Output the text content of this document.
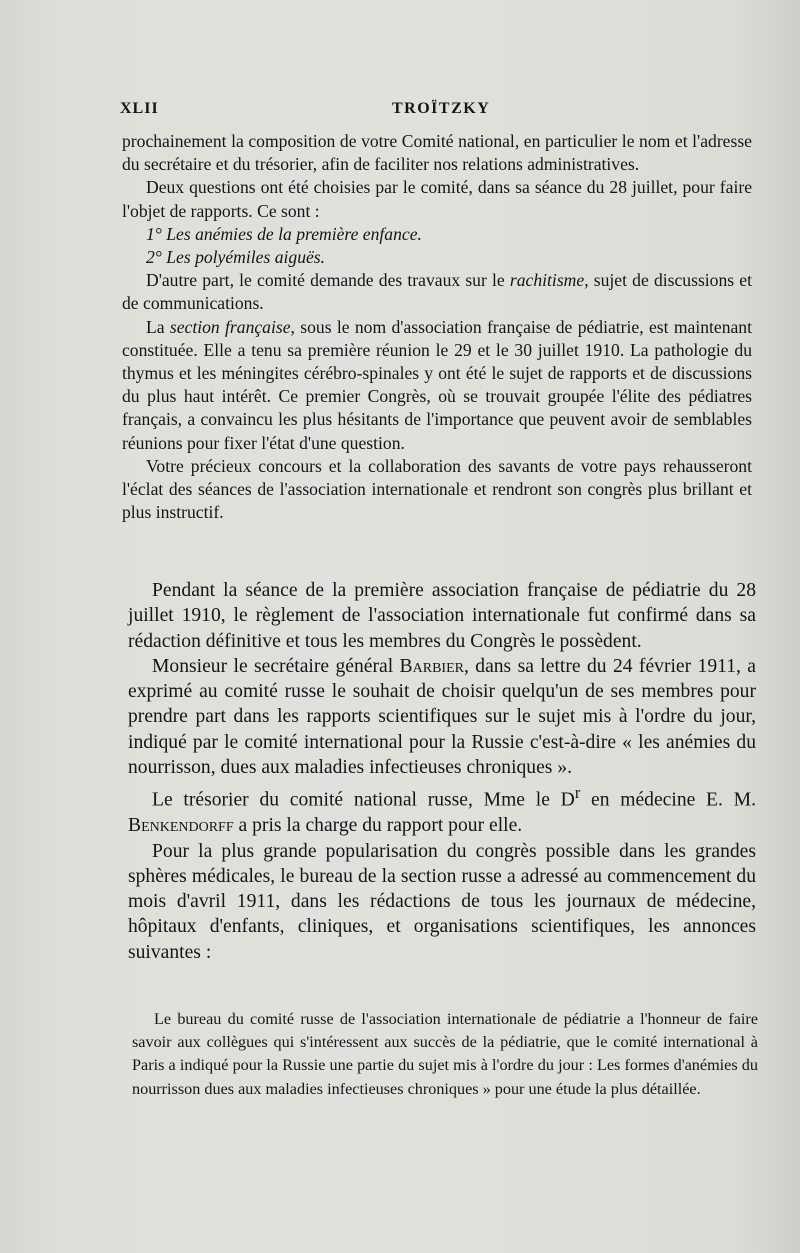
XLII	TROÏTZKY

prochainement la composition de votre Comité national, en particulier le nom et l'adresse du secrétaire et du trésorier, afin de faciliter nos relations administratives.

Deux questions ont été choisies par le comité, dans sa séance du 28 juillet, pour faire l'objet de rapports. Ce sont :

1° Les anémies de la première enfance.

2° Les polyémiles aiguës.

D'autre part, le comité demande des travaux sur le rachitisme, sujet de discussions et de communications.

La section française, sous le nom d'association française de pédiatrie, est maintenant constituée. Elle a tenu sa première réunion le 29 et le 30 juillet 1910. La pathologie du thymus et les méningites cérébro-spinales y ont été le sujet de rapports et de discussions du plus haut intérêt. Ce premier Congrès, où se trouvait groupée l'élite des pédiatres français, a convaincu les plus hésitants de l'importance que peuvent avoir de semblables réunions pour fixer l'état d'une question.

Votre précieux concours et la collaboration des savants de votre pays rehausseront l'éclat des séances de l'association internationale et rendront son congrès plus brillant et plus instructif.

Pendant la séance de la première association française de pédiatrie du 28 juillet 1910, le règlement de l'association internationale fut confirmé dans sa rédaction définitive et tous les membres du Congrès le possèdent.

Monsieur le secrétaire général Barbier, dans sa lettre du 24 février 1911, a exprimé au comité russe le souhait de choisir quelqu'un de ses membres pour prendre part dans les rapports scientifiques sur le sujet mis à l'ordre du jour, indiqué par le comité international pour la Russie c'est-à-dire « les anémies du nourrisson, dues aux maladies infectieuses chroniques ».

Le trésorier du comité national russe, Mme le $D^r$ en médecine E. M. Benkendorff a pris la charge du rapport pour elle.

Pour la plus grande popularisation du congrès possible dans les grandes sphères médicales, le bureau de la section russe a adressé au commencement du mois d'avril 1911, dans les rédactions de tous les journaux de médecine, hôpitaux d'enfants, cliniques, et organisations scientifiques, les annonces suivantes :

Le bureau du comité russe de l'association internationale de pédiatrie a l'honneur de faire savoir aux collègues qui s'intéressent aux succès de la pédiatrie, que le comité international à Paris a indiqué pour la Russie une partie du sujet mis à l'ordre du jour : Les formes d'anémies du nourrisson dues aux maladies infectieuses chroniques » pour une étude la plus détaillée.
